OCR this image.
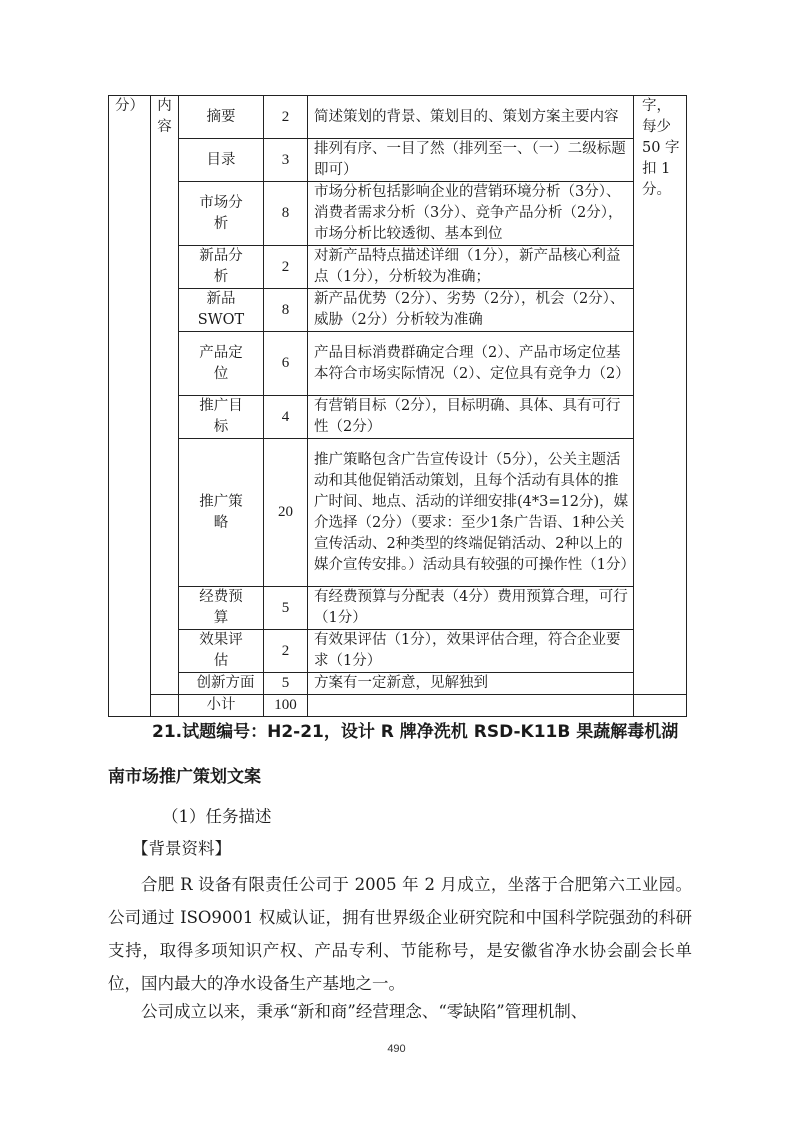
分）	内容	摘要	2	简述策划的背景、策划目的、策划方案主要内容	字，每少 50 字扣 1 分。
		目录	3	排列有序、一目了然（排列至一、（一）二级标题即可）	
		市场分析	8	市场分析包括影响企业的营销环境分析（3分）、消费者需求分析（3分）、竞争产品分析（2分），市场分析比较透彻、基本到位	
		新品分析	2	对新产品特点描述详细（1分），新产品核心利益点（1分），分析较为准确；	
		新品SWOT	8	新产品优势（2分）、劣势（2分），机会（2分）、威胁（2分）分析较为准确	
		产品定位	6	产品目标消费群确定合理（2）、产品市场定位基本符合市场实际情况（2）、定位具有竞争力（2）	
		推广目标	4	有营销目标（2分），目标明确、具体、具有可行性（2分）	
		推广策略	20	推广策略包含广告宣传设计（5分），公关主题活动和其他促销活动策划，且每个活动有具体的推广时间、地点、活动的详细安排(4*3=12分)，媒介选择（2分）（要求：至少1条广告语、1种公关宣传活动、2种类型的终端促销活动、2种以上的媒介宣传安排。）活动具有较强的可操作性（1分）	
		经费预算	5	有经费预算与分配表（4分）费用预算合理，可行（1分）	
		效果评估	2	有效果评估（1分），效果评估合理，符合企业要求（1分）	
		创新方面	5	方案有一定新意，见解独到	
		小计	100		
21.试题编号：H2-21，设计 R 牌净洗机 RSD-K11B 果蔬解毒机湖
南市场推广策划文案
（1）任务描述
【背景资料】
合肥 R 设备有限责任公司于 2005 年 2 月成立，坐落于合肥第六工业园。公司通过 ISO9001 权威认证，拥有世界级企业研究院和中国科学院强劲的科研支持，取得多项知识产权、产品专利、节能称号，是安徽省净水协会副会长单位，国内最大的净水设备生产基地之一。
公司成立以来，秉承“新和商”经营理念、“零缺陷”管理机制、
490
